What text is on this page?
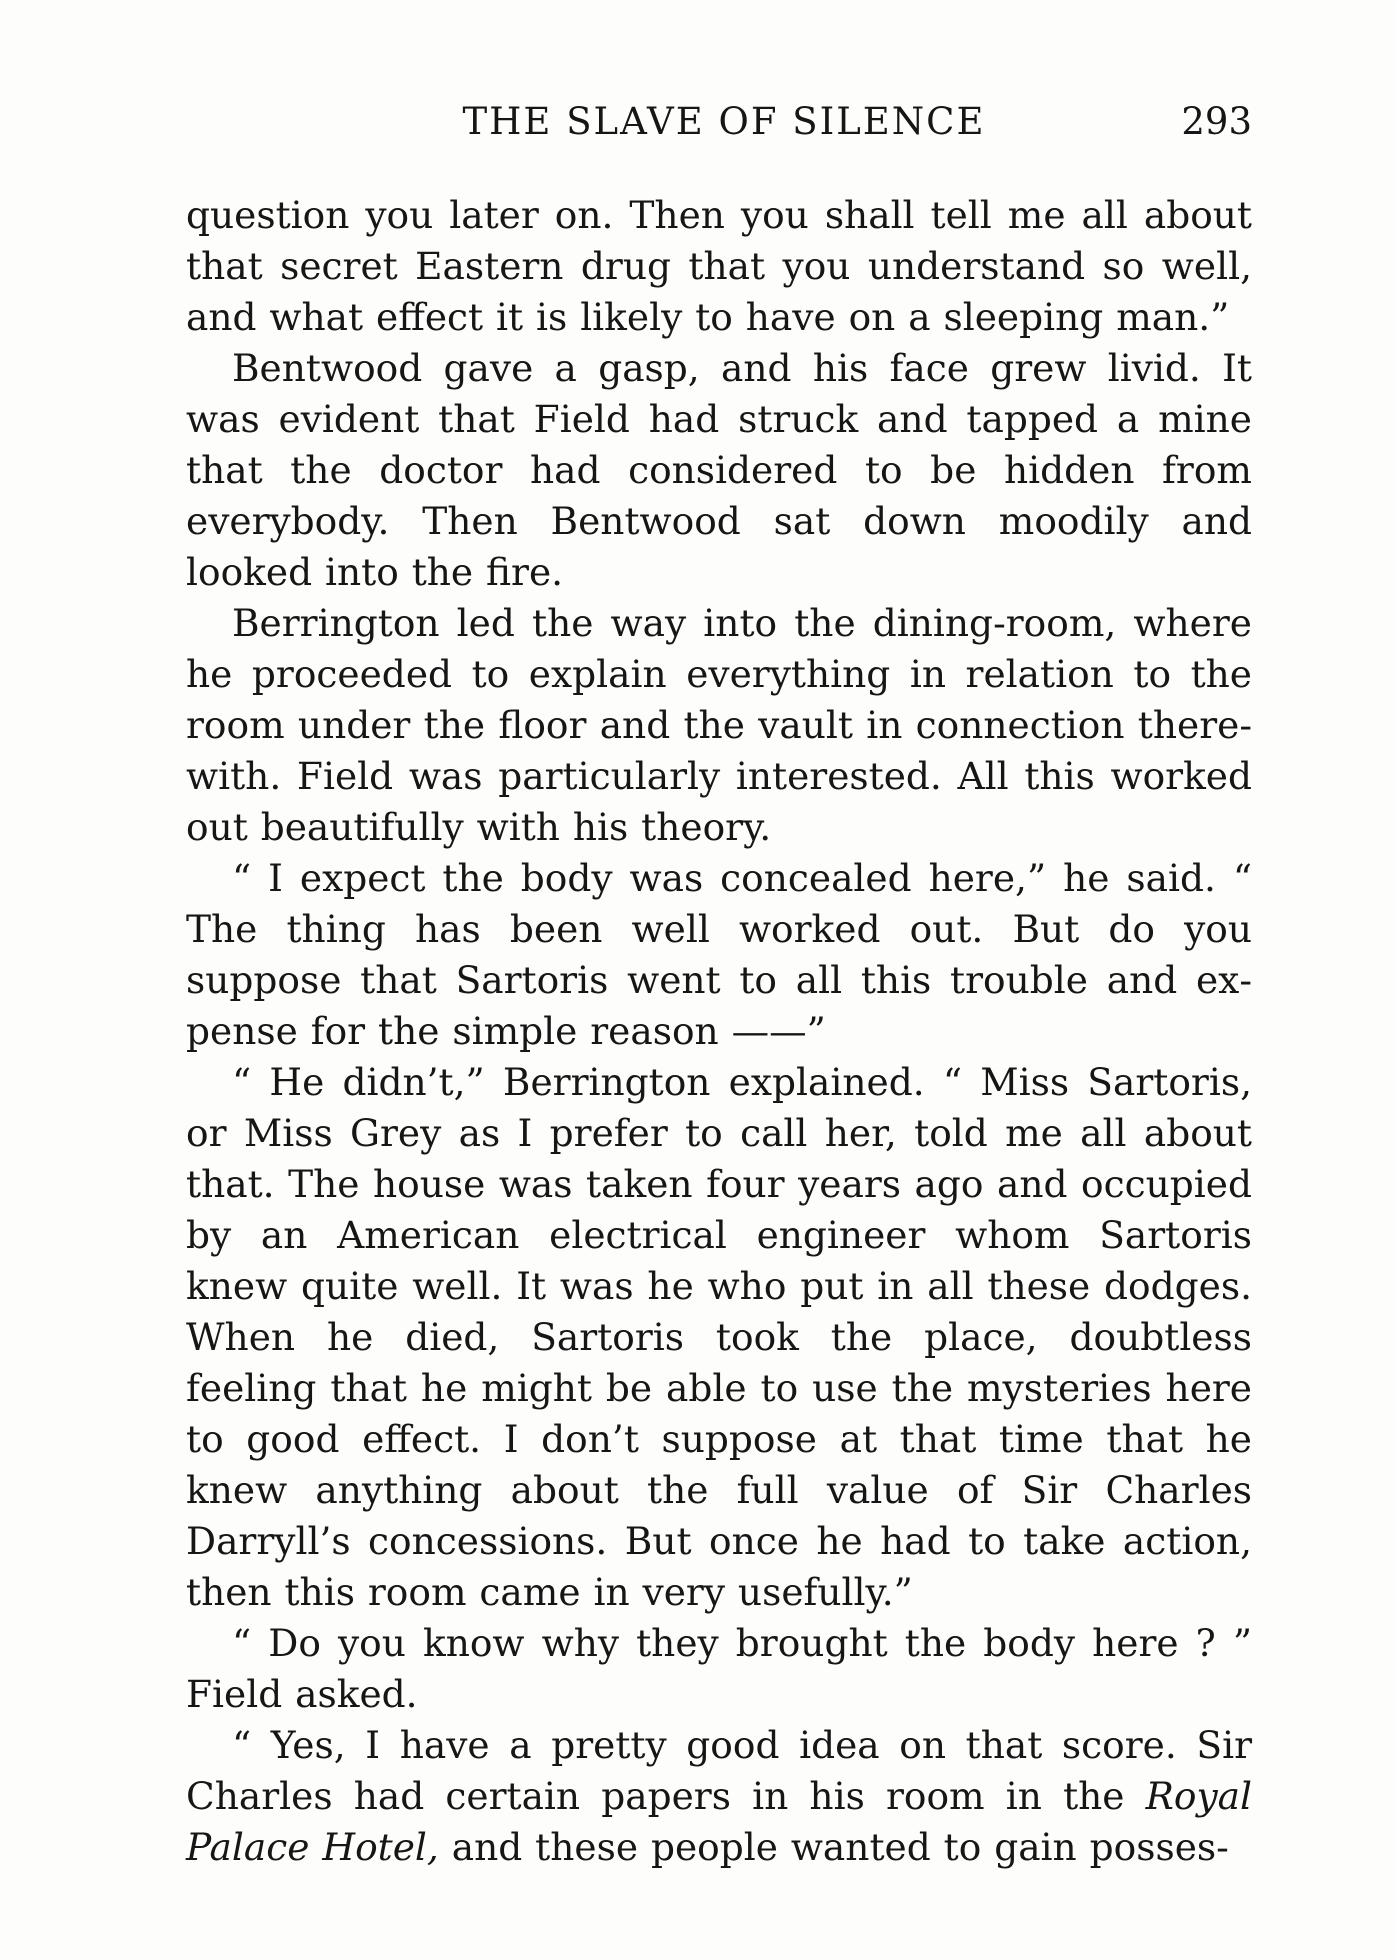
THE SLAVE OF SILENCE	293

question you later on. Then you shall tell me all about that secret Eastern drug that you understand so well, and what effect it is likely to have on a sleeping man.”

Bentwood gave a gasp, and his face grew livid. It was evident that Field had struck and tapped a mine that the doctor had considered to be hidden from everybody. Then Bentwood sat down moodily and looked into the fire.

Berrington led the way into the dining-room, where he proceeded to explain everything in relation to the room under the floor and the vault in connection therewith. Field was particularly interested. All this worked out beautifully with his theory.

“ I expect the body was concealed here,” he said. “ The thing has been well worked out. But do you suppose that Sartoris went to all this trouble and expense for the simple reason ——”

“ He didn’t,” Berrington explained. “ Miss Sartoris, or Miss Grey as I prefer to call her, told me all about that. The house was taken four years ago and occupied by an American electrical engineer whom Sartoris knew quite well. It was he who put in all these dodges. When he died, Sartoris took the place, doubtless feeling that he might be able to use the mysteries here to good effect. I don’t suppose at that time that he knew anything about the full value of Sir Charles Darryll’s concessions. But once he had to take action, then this room came in very usefully.”

“ Do you know why they brought the body here ? ” Field asked.

“ Yes, I have a pretty good idea on that score. Sir Charles had certain papers in his room in the Royal Palace Hotel, and these people wanted to gain posses-
